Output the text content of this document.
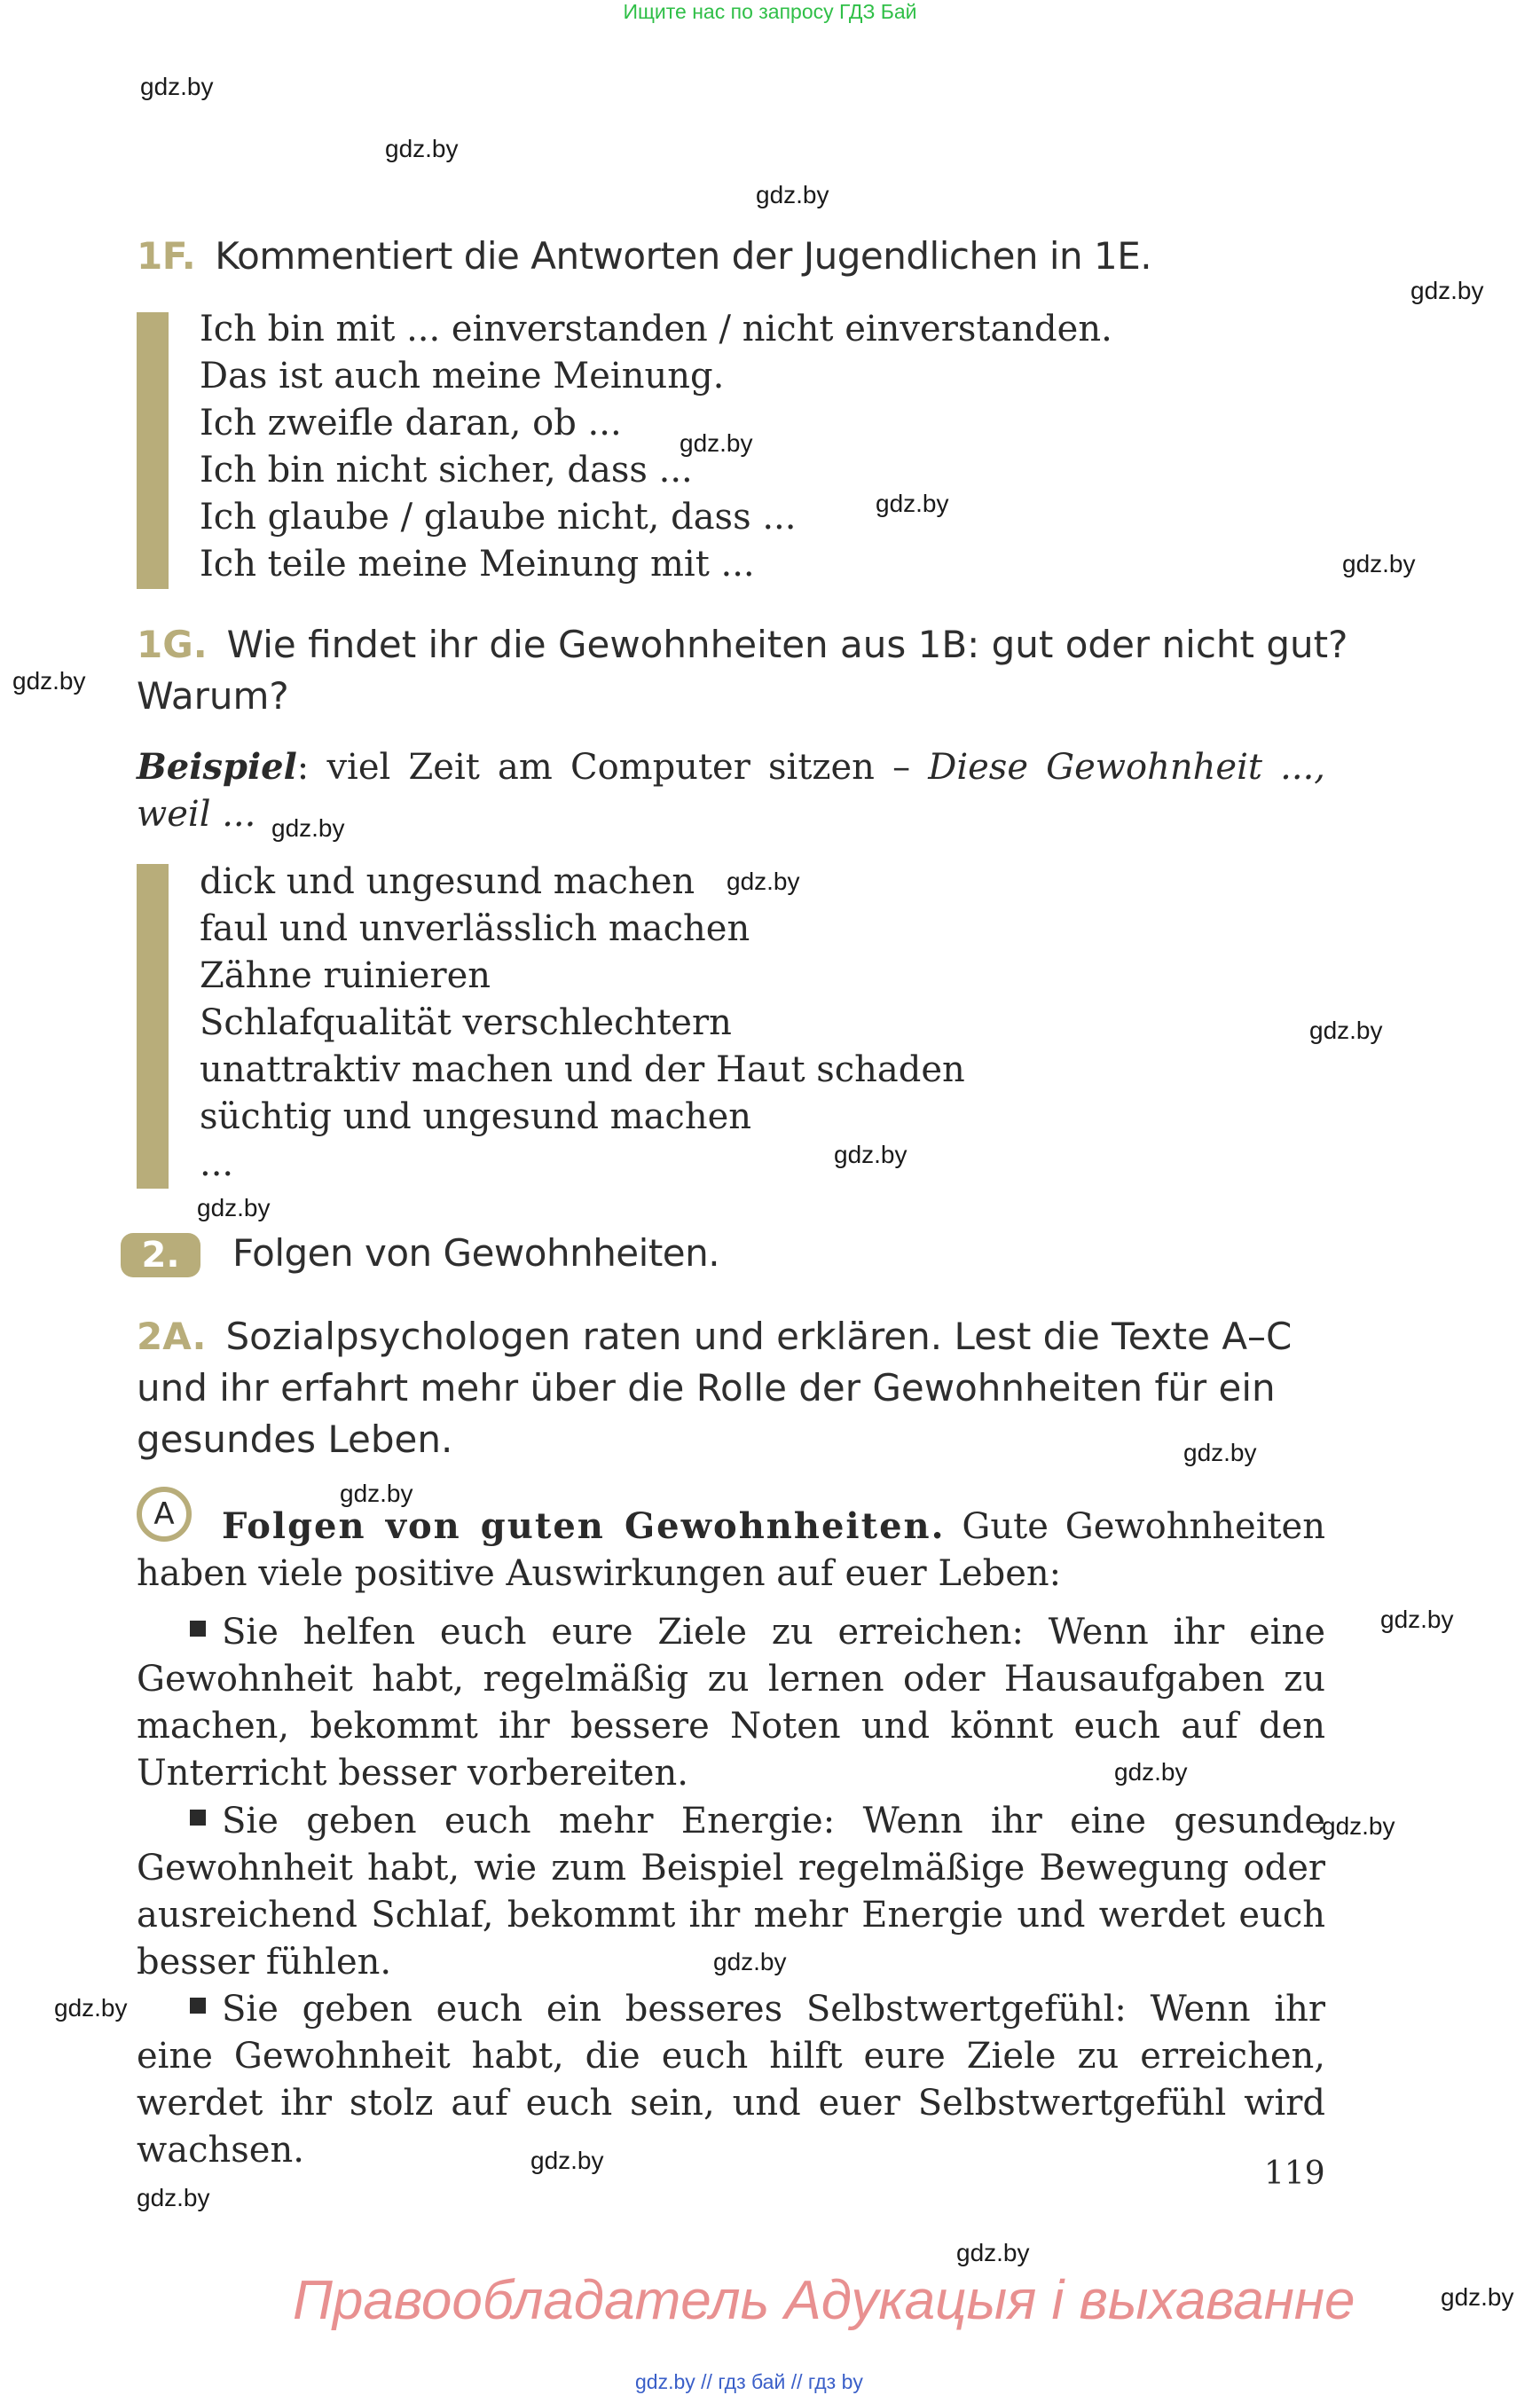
Ищите нас по запросу ГДЗ Бай
gdz.by
gdz.by
gdz.by
gdz.by
gdz.by
gdz.by
gdz.by
gdz.by
gdz.by
gdz.by
gdz.by
gdz.by
gdz.by
gdz.by
gdz.by
gdz.by
gdz.by
gdz.by
gdz.by
gdz.by
gdz.by
gdz.by
gdz.by
gdz.by
1F. Kommentiert die Antworten der Jugendlichen in 1E.
Ich bin mit ... einverstanden / nicht einverstanden.
Das ist auch meine Meinung.
Ich zweifle daran, ob ...
Ich bin nicht sicher, dass ...
Ich glaube / glaube nicht, dass ...
Ich teile meine Meinung mit ...
1G. Wie findet ihr die Gewohnheiten aus 1B: gut oder nicht gut?
Warum?
Beispiel: viel Zeit am Computer sitzen – Diese Gewohnheit ..., weil ...
dick und ungesund machen
faul und unverlässlich machen
Zähne ruinieren
Schlafqualität verschlechtern
unattraktiv machen und der Haut schaden
süchtig und ungesund machen
...
2.	Folgen von Gewohnheiten.
2A. Sozialpsychologen raten und erklären. Lest die Texte A–C und ihr erfahrt mehr über die Rolle der Gewohnheiten für ein gesundes Leben.
A	Folgen von guten Gewohnheiten. Gute Gewohnheiten haben viele positive Auswirkungen auf euer Leben:
Sie helfen euch eure Ziele zu erreichen: Wenn ihr eine Gewohnheit habt, regelmäßig zu lernen oder Hausaufgaben zu machen, bekommt ihr bessere Noten und könnt euch auf den Unterricht besser vorbereiten.
Sie geben euch mehr Energie: Wenn ihr eine gesunde Gewohnheit habt, wie zum Beispiel regelmäßige Bewegung oder ausreichend Schlaf, bekommt ihr mehr Energie und werdet euch besser fühlen.
Sie geben euch ein besseres Selbstwertgefühl: Wenn ihr eine Gewohnheit habt, die euch hilft eure Ziele zu erreichen, werdet ihr stolz auf euch sein, und euer Selbstwertgefühl wird wachsen.
119
Правообладатель Адукацыя і выхаванне
gdz.by // гдз бай // гдз by
